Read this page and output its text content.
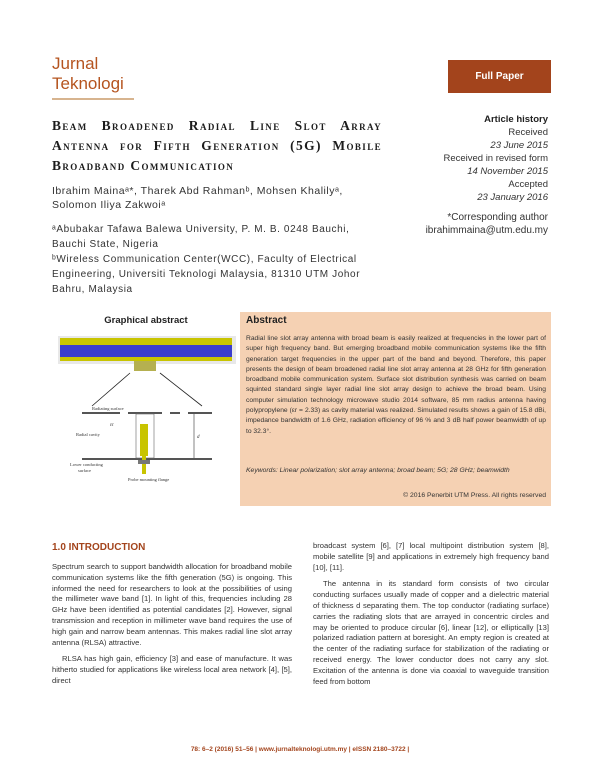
Jurnal
Teknologi	Full Paper
Beam Broadened Radial Line Slot Array Antenna for Fifth Generation (5G) Mobile Broadband Communication
Article history
Received
23 June 2015
Received in revised form
14 November 2015
Accepted
23 January 2016
Ibrahim Mainaᵃ*, Tharek Abd Rahmanᵇ, Mohsen Khalilyᵃ, Solomon Iliya Zakwoiᵃ
ᵃAbubakar Tafawa Balewa University, P. M. B. 0248 Bauchi, Bauchi State, Nigeria
ᵇWireless Communication Center(WCC), Faculty of Electrical Engineering, Universiti Teknologi Malaysia, 81310 UTM Johor Bahru, Malaysia
*Corresponding author
ibrahimmaina@utm.edu.my
Graphical abstract
Radiating surface
εr
Radial cavity
d
Lower conducting
surface
Probe mounting flange
Abstract
Radial line slot array antenna with broad beam is easily realized at frequencies in the lower part of super high frequency band. But emerging broadband mobile communication systems like the fifth generation target frequencies in the upper part of the band and beyond. Therefore, this paper presents the design of beam broadened radial line slot array antenna at 28 GHz for fifth generation broadband mobile communication system. Surface slot distribution synthesis was carried on beam squinted standard single layer radial line slot array design to achieve the broad beam. Using computer simulation technology microwave studio 2014 software, 85 mm radius antenna having polypropylene (εr = 2.33) as cavity material was realized. Simulated results shows a gain of 15.8 dBi, impedance bandwidth of 1.6 GHz, radiation efficiency of 96 % and 3 dB half power beamwidth of up to 32.3°.
Keywords: Linear polarization; slot array antenna; broad beam; 5G; 28 GHz; beamwidth
© 2016 Penerbit UTM Press. All rights reserved
1.0 INTRODUCTION

Spectrum search to support bandwidth allocation for broadband mobile communication systems like the fifth generation (5G) is ongoing. This informed the need for researchers to look at the possibilities of using the millimeter wave band [1]. In light of this, frequencies including 28 GHz have been identified as potential candidates [2]. However, signal transmission and reception in millimeter wave band requires the use of high gain and narrow beam antennas. This makes radial line slot array antenna (RLSA) attractive.

RLSA has high gain, efficiency [3] and ease of manufacture. It was hitherto studied for applications like wireless local area network [4], [5], direct

broadcast system [6], [7] local multipoint distribution system [8], mobile satellite [9] and applications in extremely high frequency band [10], [11].

The antenna in its standard form consists of two circular conducting surfaces usually made of copper and a dielectric material of thickness d separating them. The top conductor (radiating surface) carries the radiating slots that are arrayed in concentric circles and may be oriented to produce circular [6], linear [12], or elliptically [13] polarized radiation pattern at boresight. An empty region is created at the center of the radiating surface for stabilization of the radiating or received energy. The lower conductor does not carry any slot. Excitation of the antenna is done via coaxial to waveguide transition feed from bottom

78: 6–2 (2016) 51–56 | www.jurnalteknologi.utm.my | eISSN 2180–3722 |
